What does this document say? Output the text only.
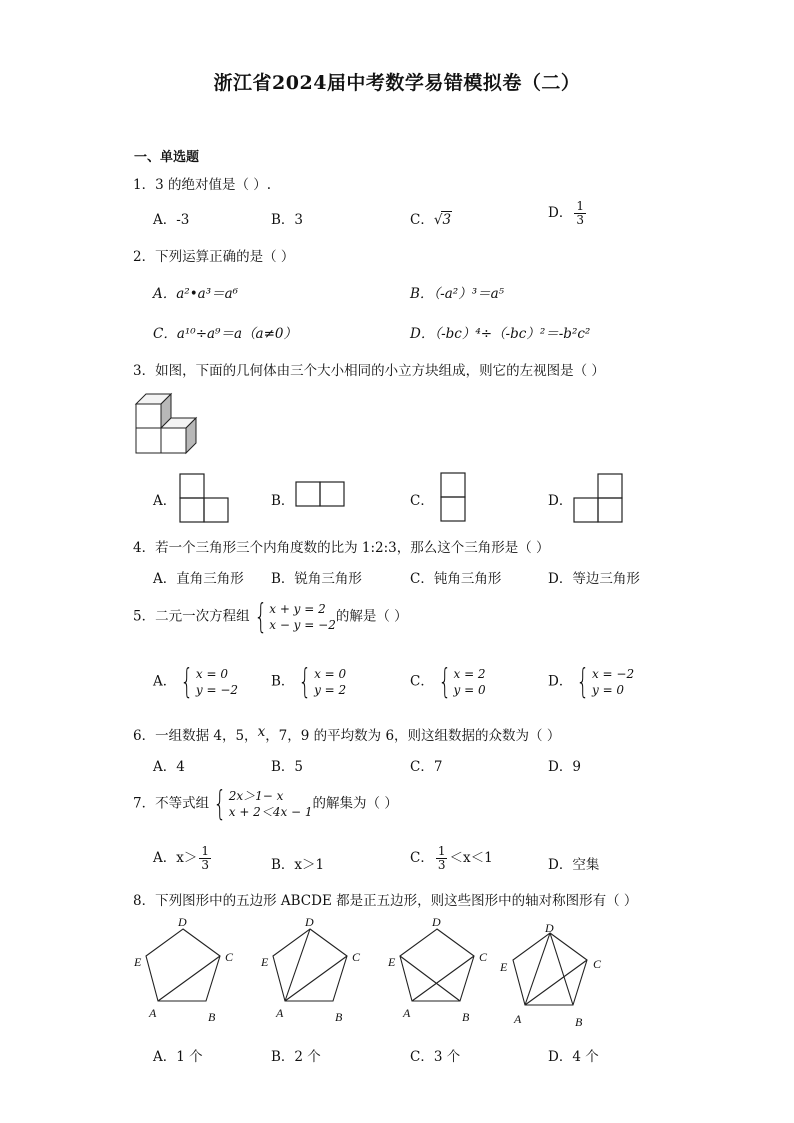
浙江省2024届中考数学易错模拟卷（二）
一、单选题
1．3 的绝对值是（ ）.
A．-3	B．3	C．√3	D． $\frac{1}{3}$
2．下列运算正确的是（ ）
A．a²•a³＝a⁶	B．（-a²）³＝a⁵
C．a¹⁰÷a⁹＝a（a≠0）	D．（-bc）⁴÷（-bc）²＝-b²c²
3．如图，下面的几何体由三个大小相同的小立方块组成，则它的左视图是（ ）
A．	B．	C．	D．
4．若一个三角形三个内角度数的比为 1:2:3，那么这个三角形是（ ）
A．直角三角形 B．锐角三角形	C．钝角三角形	D．等边三角形
5．二元一次方程组 { x + y = 2
x − y = −2
的解是（ ）
A． { x = 0
y = −2
B． { x = 0
y = 2
C． { x = 2
y = 0
D． { x = −2
y = 0
6．一组数据 4，5，x，7，9 的平均数为 6，则这组数据的众数为（ ）
A．4	B．5	C．7	D．9
7．不等式组 { 2x＞1− x
x + 2＜4x − 1
的解集为（ ）
A．$x> \frac{1}{3}$	B．x＞1	C． $\frac{1}{3} <x<1$	D．空集
8．下列图形中的五边形 ABCDE 都是正五边形，则这些图形中的轴对称图形有（ ）
D
C
E
A	B
D
C
E
A	B
D
C
E
A	B
D
C
E
A	B
A．1 个	B．2 个	C．3 个	D．4 个
